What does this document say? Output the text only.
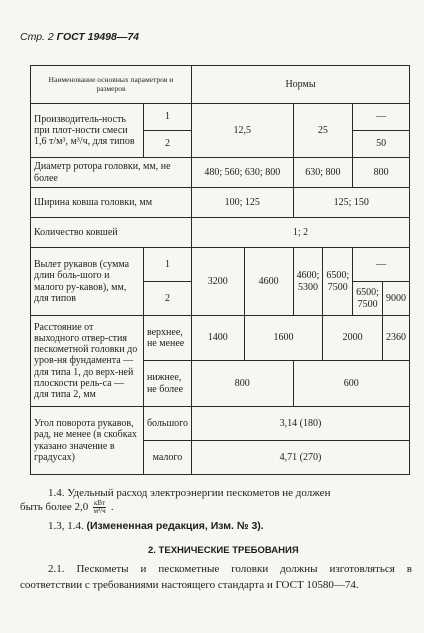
Стр. 2 ГОСТ 19498—74
Наименование основных параметров и размеров		Нормы					
Производитель-ность при плот-ности смеси 1,6 т/м³, м³/ч, для типов	1	12,5		25		—	
	2					50	
Диаметр ротора головки, мм, не более		480; 560; 630; 800		630; 800		800	
Ширина ковша головки, мм		100; 125		125; 150			
Количество ковшей		1; 2					
Вылет рукавов (сумма длин боль-шого и малого ру-кавов), мм, для типов	1	3200	4600	4600; 5300	6500; 7500	—	
	2					6500; 7500	9000
Расстояние от выходного отвер-стия пескометной головки до уров-ня фундамента — для типа 1, до верх-ней плоскости рель-са — для типа 2, мм	верхнее, не менее	1400	1600		2000		2360
	нижнее, не более	800		600			
Угол поворота рукавов, рад, не менее (в скобках указано значение в градусах)	большого	3,14 (180)					
	малого	4,71 (270)					
1.4. Удельный расход электроэнергии пескометов не должен
быть более $2,0 \frac{\text{кВт}}{\text{м³/ч}}$ .
1.3, 1.4. (Измененная редакция, Изм. № 3).
2. ТЕХНИЧЕСКИЕ ТРЕБОВАНИЯ
2.1. Пескометы и пескометные головки должны изготовляться в соответствии с требованиями настоящего стандарта и ГОСТ 10580—74.
